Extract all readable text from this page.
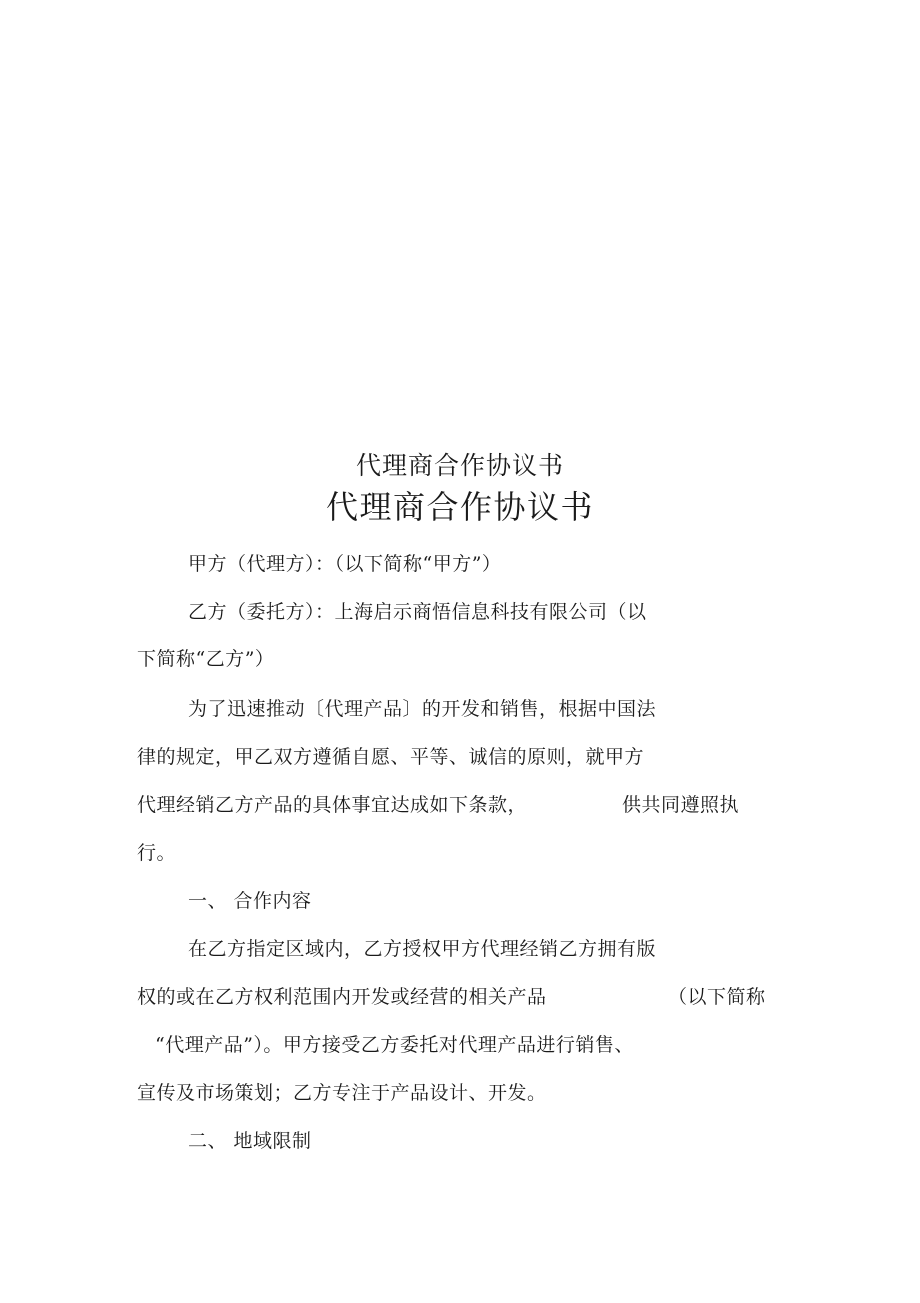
代理商合作协议书
代理商合作协议书
甲方（代理方）：（以下简称“甲方”）
乙方（委托方）：上海启示商悟信息科技有限公司（以
下简称“乙方”）
为了迅速推动〔代理产品〕的开发和销售，根据中国法
律的规定，甲乙双方遵循自愿、平等、诚信的原则，就甲方
代理经销乙方产品的具体事宜达成如下条款，	供共同遵照执
行。
一、 合作内容
在乙方指定区域内，乙方授权甲方代理经销乙方拥有版
权的或在乙方权利范围内开发或经营的相关产品	（以下简称
“代理产品”）。甲方接受乙方委托对代理产品进行销售、
宣传及市场策划；乙方专注于产品设计、开发。
二、 地域限制
